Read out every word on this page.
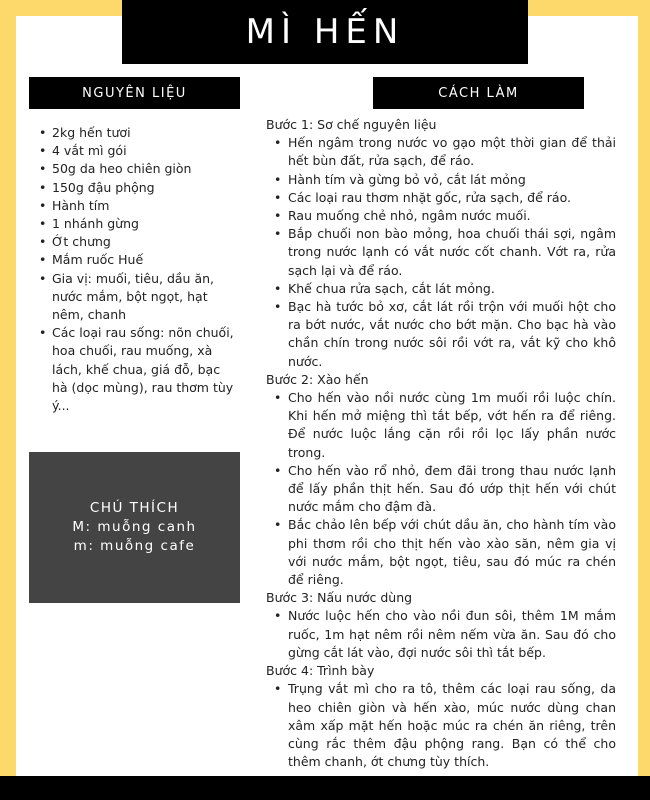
MÌ HẾN
NGUYÊN LIỆU	CÁCH LÀM
• 2kg hến tươi
• 4 vắt mì gói
• 50g da heo chiên giòn
• 150g đậu phộng
• Hành tím
• 1 nhánh gừng
• Ớt chưng
• Mắm ruốc Huế
• Gia vị: muối, tiêu, dầu ăn, nước mắm, bột ngọt, hạt nêm, chanh
• Các loại rau sống: nõn chuối, hoa chuối, rau muống, xà lách, khế chua, giá đỗ, bạc hà (dọc mùng), rau thơm tùy ý...
CHÚ THÍCH
M: muỗng canh
m: muỗng cafe
Bước 1: Sơ chế nguyên liệu
• Hến ngâm trong nước vo gạo một thời gian để thải hết bùn đất, rửa sạch, để ráo.
• Hành tím và gừng bỏ vỏ, cắt lát mỏng
• Các loại rau thơm nhặt gốc, rửa sạch, để ráo.
• Rau muống chẻ nhỏ, ngâm nước muối.
• Bắp chuối non bào mỏng, hoa chuối thái sợi, ngâm trong nước lạnh có vắt nước cốt chanh. Vớt ra, rửa sạch lại và để ráo.
• Khế chua rửa sạch, cắt lát mỏng.
• Bạc hà tước bỏ xơ, cắt lát rồi trộn với muối hột cho ra bớt nước, vắt nước cho bớt mặn. Cho bạc hà vào chần chín trong nước sôi rồi vớt ra, vắt kỹ cho khô nước.
Bước 2: Xào hến
• Cho hến vào nồi nước cùng 1m muối rồi luộc chín. Khi hến mở miệng thì tắt bếp, vớt hến ra để riêng. Để nước luộc lắng cặn rồi rồi lọc lấy phần nước trong.
• Cho hến vào rổ nhỏ, đem đãi trong thau nước lạnh để lấy phần thịt hến. Sau đó ướp thịt hến với chút nước mắm cho đậm đà.
• Bắc chảo lên bếp với chút dầu ăn, cho hành tím vào phi thơm rồi cho thịt hến vào xào săn, nêm gia vị với nước mắm, bột ngọt, tiêu, sau đó múc ra chén để riêng.
Bước 3: Nấu nước dùng
• Nước luộc hến cho vào nồi đun sôi, thêm 1M mắm ruốc, 1m hạt nêm rồi nêm nếm vừa ăn. Sau đó cho gừng cắt lát vào, đợi nước sôi thì tắt bếp.
Bước 4: Trình bày
• Trụng vắt mì cho ra tô, thêm các loại rau sống, da heo chiên giòn và hến xào, múc nước dùng chan xâm xấp mặt hến hoặc múc ra chén ăn riêng, trên cùng rắc thêm đậu phộng rang. Bạn có thể cho thêm chanh, ớt chưng tùy thích.
